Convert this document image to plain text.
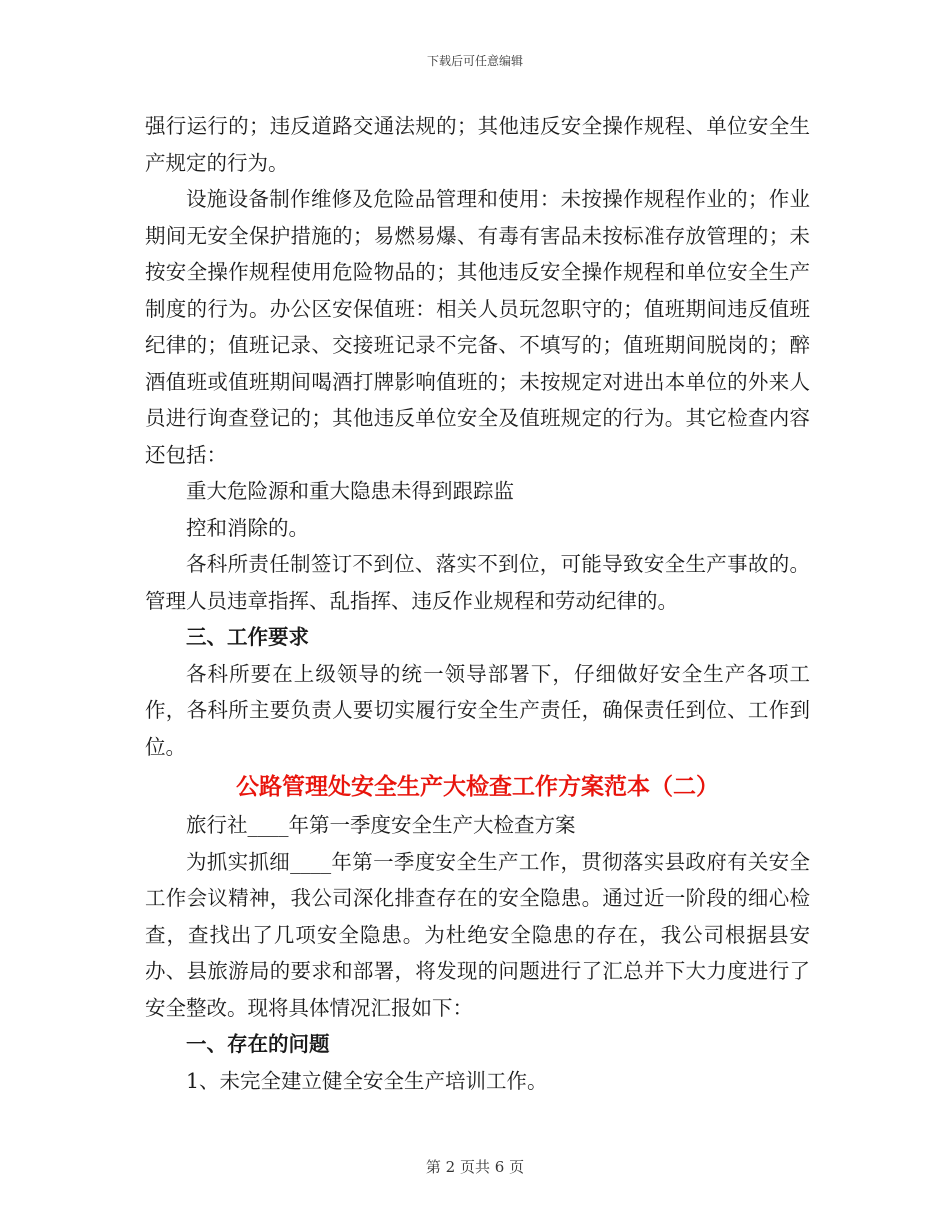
下载后可任意编辑

强行运行的；违反道路交通法规的；其他违反安全操作规程、单位安全生产规定的行为。

设施设备制作维修及危险品管理和使用：未按操作规程作业的；作业期间无安全保护措施的；易燃易爆、有毒有害品未按标准存放管理的；未按安全操作规程使用危险物品的；其他违反安全操作规程和单位安全生产制度的行为。办公区安保值班：相关人员玩忽职守的；值班期间违反值班纪律的；值班记录、交接班记录不完备、不填写的；值班期间脱岗的；醉酒值班或值班期间喝酒打牌影响值班的；未按规定对进出本单位的外来人员进行询查登记的；其他违反单位安全及值班规定的行为。其它检查内容还包括：

重大危险源和重大隐患未得到跟踪监

控和消除的。

各科所责任制签订不到位、落实不到位，可能导致安全生产事故的。管理人员违章指挥、乱指挥、违反作业规程和劳动纪律的。

三、工作要求

各科所要在上级领导的统一领导部署下，仔细做好安全生产各项工作，各科所主要负责人要切实履行安全生产责任，确保责任到位、工作到位。

公路管理处安全生产大检查工作方案范本（二）

旅行社____年第一季度安全生产大检查方案

为抓实抓细____年第一季度安全生产工作，贯彻落实县政府有关安全工作会议精神，我公司深化排查存在的安全隐患。通过近一阶段的细心检查，查找出了几项安全隐患。为杜绝安全隐患的存在，我公司根据县安办、县旅游局的要求和部署，将发现的问题进行了汇总并下大力度进行了安全整改。现将具体情况汇报如下：

一、存在的问题

1、未完全建立健全安全生产培训工作。

第 2 页共 6 页
